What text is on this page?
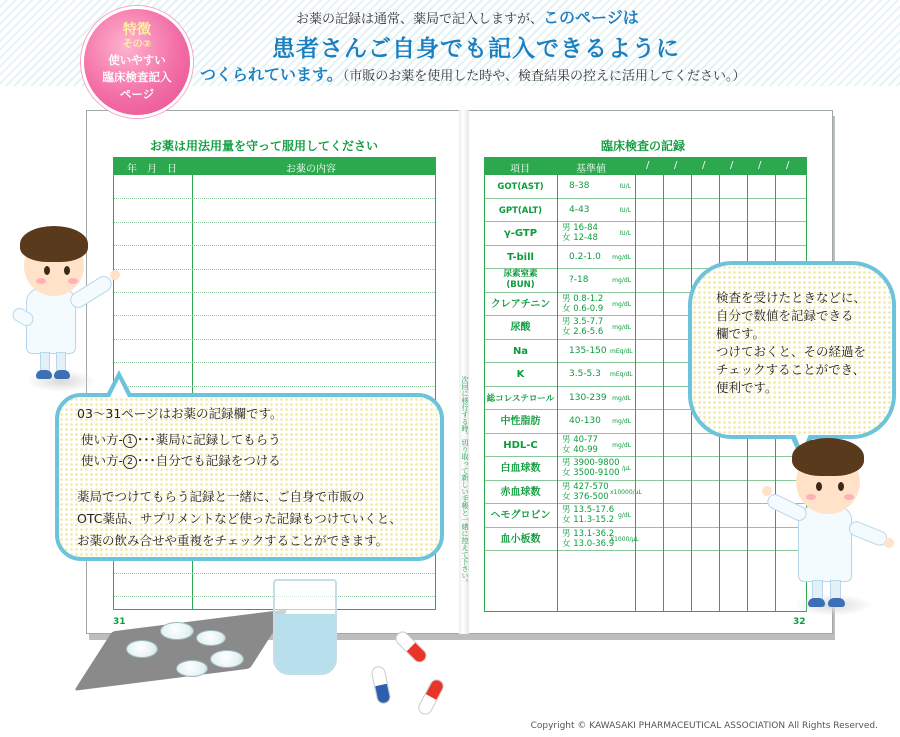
特徴
その②
使いやすい
臨床検査記入
ページ
お薬の記録は通常、薬局で記入しますが、このページは
患者さんご自身でも記入できるように
つくられています。（市販のお薬を使用した時や、検査結果の控えに活用してください。）
お薬は用法用量を守って服用してください
年　月　日	お薬の内容
31
臨床検査の記録
項目	基準値	/ / / / / /
GOT(AST)	8-38	IU/L
GPT(ALT)	4-43	IU/L
γ-GTP	男 16-84
女 12-48	IU/L
T-bill	0.2-1.0	mg/dL
尿素窒素
(BUN)	?-18	mg/dL
クレアチニン	男 0.8-1.2
女 0.6-0.9	mg/dL
尿酸	男 3.5-7.7
女 2.6-5.6	mg/dL
Na	135-150 mEq/dL
K	3.5-5.3 mEq/dL
総コレステロール 130-239 mg/dL
中性脂肪	40-130	mg/dL
HDL-C	男 40-77
女 40-99	mg/dL
白血球数	男 3900-9800
女 3500-9100 /μL
赤血球数	男 427-570
女 376-500 x10000/μL
ヘモグロビン	男 13.5-17.6
女 11.3-15.2 g/dL
血小板数	男 13.1-36.2
女 13.0-36.9
X1000/μL
32
次回に移行する時、切り取って新しい手帳と一緒に控えて下さい。
03～31ページはお薬の記録欄です。
使い方- 1 ･･･薬局に記録してもらう
使い方- 2 ･･･自分でも記録をつける
薬局でつけてもらう記録と一緒に、ご自身で市販の
OTC薬品、サプリメントなど使った記録もつけていくと、
お薬の飲み合せや重複をチェックすることができます。
検査を受けたときなどに、
自分で数値を記録できる
欄です。
つけておくと、その経過を
チェックすることができ、
便利です。
Copyright © KAWASAKI PHARMACEUTICAL ASSOCIATION All Rights Reserved.
